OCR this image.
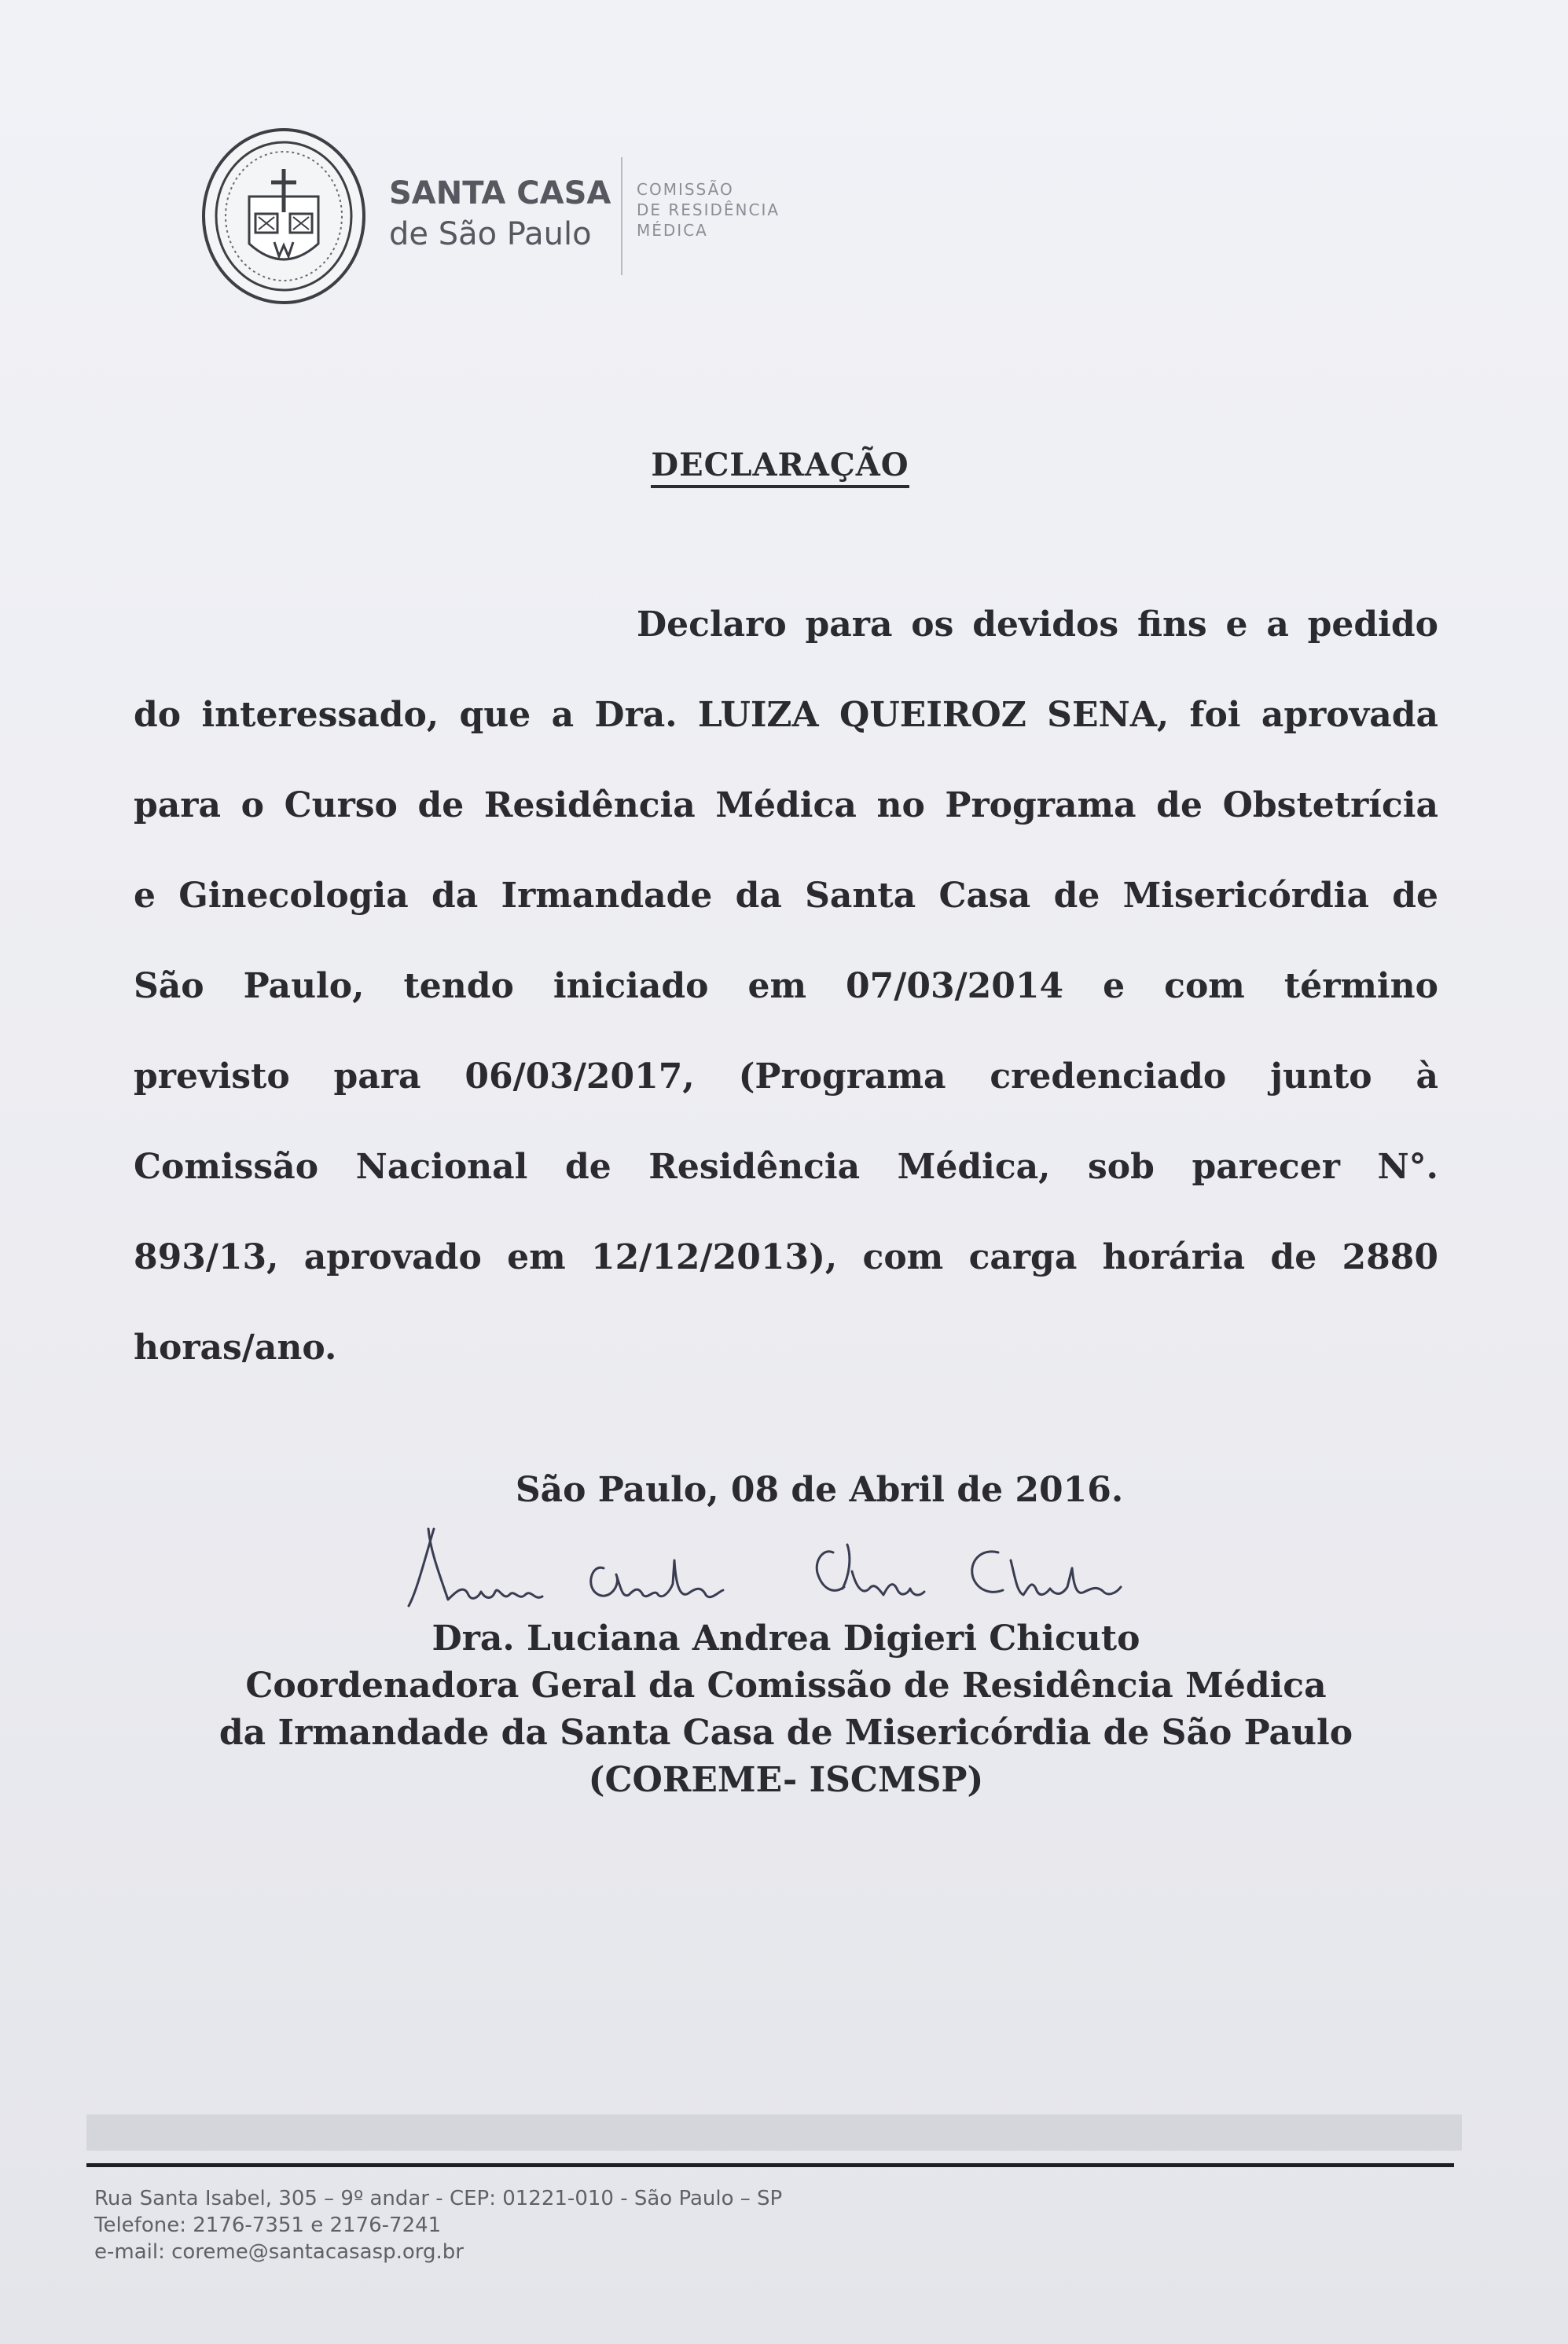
SANTA CASA
de São Paulo
COMISSÃO
DE RESIDÊNCIA
MÉDICA
DECLARAÇÃO
Declaro para os devidos fins e a pedido
do interessado, que a Dra. LUIZA QUEIROZ SENA, foi aprovada
para o Curso de Residência Médica no Programa de Obstetrícia
e Ginecologia da Irmandade da Santa Casa de Misericórdia de
São Paulo, tendo iniciado em 07/03/2014 e com término
previsto para 06/03/2017, (Programa credenciado junto à
Comissão Nacional de Residência Médica, sob parecer N°.
893/13, aprovado em 12/12/2013), com carga horária de 2880
horas/ano.
São Paulo, 08 de Abril de 2016.
Dra. Luciana Andrea Digieri Chicuto
Coordenadora Geral da Comissão de Residência Médica
da Irmandade da Santa Casa de Misericórdia de São Paulo
(COREME- ISCMSP)
Rua Santa Isabel, 305 – 9º andar - CEP: 01221-010 - São Paulo – SP
Telefone: 2176-7351 e 2176-7241
e-mail: coreme@santacasasp.org.br
